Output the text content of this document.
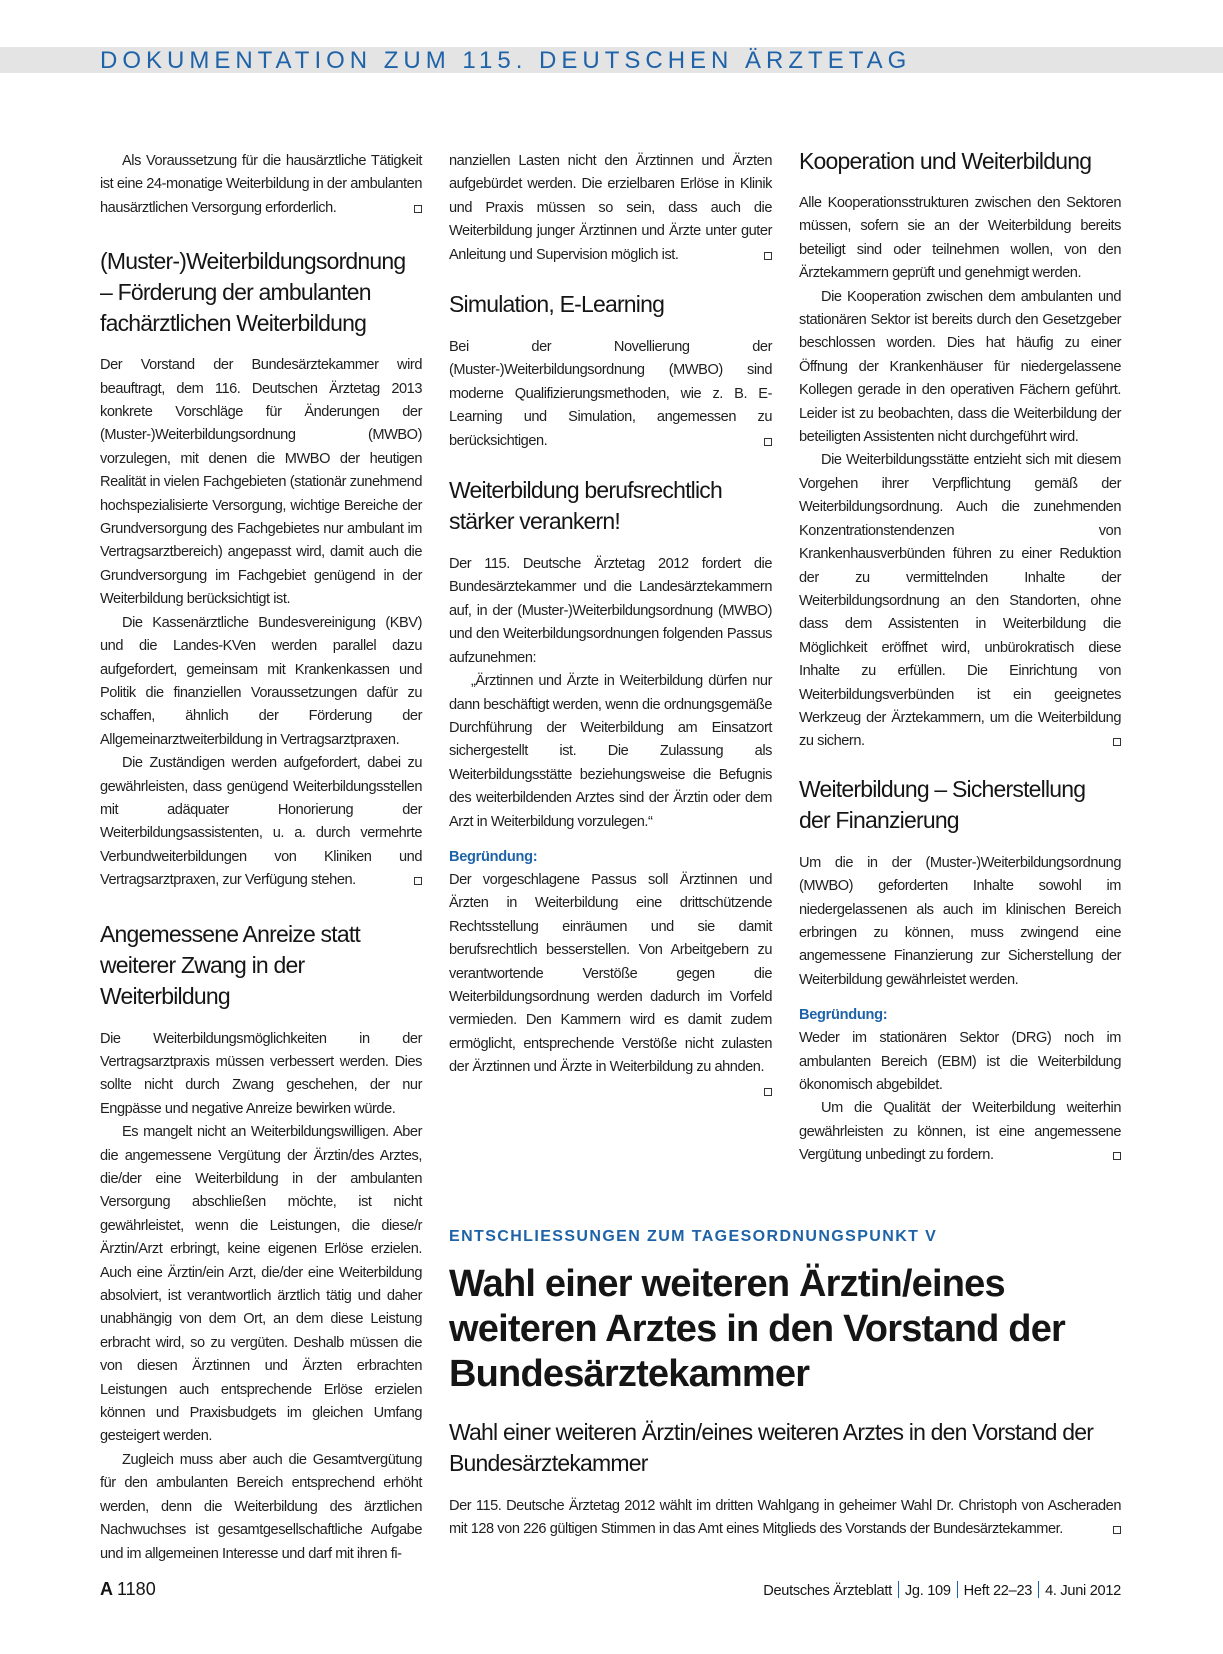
DOKUMENTATION ZUM 115. DEUTSCHEN ÄRZTETAG

Als Voraussetzung für die hausärztliche Tätigkeit ist eine 24-monatige Weiterbildung in der ambulanten hausärztlichen Versorgung erforderlich.

(Muster-)Weiterbildungsordnung – Förderung der ambulanten fachärztlichen Weiterbildung

Der Vorstand der Bundesärztekammer wird beauftragt, dem 116. Deutschen Ärztetag 2013 konkrete Vorschläge für Änderungen der (Muster-)Weiterbildungsordnung (MWBO) vorzulegen, mit denen die MWBO der heutigen Realität in vielen Fachgebieten (stationär zunehmend hochspezialisierte Versorgung, wichtige Bereiche der Grundversorgung des Fachgebietes nur ambulant im Vertragsarztbereich) angepasst wird, damit auch die Grundversorgung im Fachgebiet genügend in der Weiterbildung berücksichtigt ist.

Die Kassenärztliche Bundesvereinigung (KBV) und die Landes-KVen werden parallel dazu aufgefordert, gemeinsam mit Krankenkassen und Politik die finanziellen Voraussetzungen dafür zu schaffen, ähnlich der Förderung der Allgemeinarztweiterbildung in Vertragsarztpraxen.

Die Zuständigen werden aufgefordert, dabei zu gewährleisten, dass genügend Weiterbildungsstellen mit adäquater Honorierung der Weiterbildungsassistenten, u. a. durch vermehrte Verbundweiterbildungen von Kliniken und Vertragsarztpraxen, zur Verfügung stehen.

Angemessene Anreize statt weiterer Zwang in der Weiterbildung

Die Weiterbildungsmöglichkeiten in der Vertragsarztpraxis müssen verbessert werden. Dies sollte nicht durch Zwang geschehen, der nur Engpässe und negative Anreize bewirken würde.

Es mangelt nicht an Weiterbildungswilligen. Aber die angemessene Vergütung der Ärztin/des Arztes, die/der eine Weiterbildung in der ambulanten Versorgung abschließen möchte, ist nicht gewährleistet, wenn die Leistungen, die diese/r Ärztin/Arzt erbringt, keine eigenen Erlöse erzielen. Auch eine Ärztin/ein Arzt, die/der eine Weiterbildung absolviert, ist verantwortlich ärztlich tätig und daher unabhängig von dem Ort, an dem diese Leistung erbracht wird, so zu vergüten. Deshalb müssen die von diesen Ärztinnen und Ärzten erbrachten Leistungen auch entsprechende Erlöse erzielen können und Praxisbudgets im gleichen Umfang gesteigert werden.

Zugleich muss aber auch die Gesamtvergütung für den ambulanten Bereich entsprechend erhöht werden, denn die Weiterbildung des ärztlichen Nachwuchses ist gesamtgesellschaftliche Aufgabe und im allgemeinen Interesse und darf mit ihren fi-

nanziellen Lasten nicht den Ärztinnen und Ärzten aufgebürdet werden. Die erzielbaren Erlöse in Klinik und Praxis müssen so sein, dass auch die Weiterbildung junger Ärztinnen und Ärzte unter guter Anleitung und Supervision möglich ist.

Simulation, E-Learning

Bei der Novellierung der (Muster-)Weiterbildungsordnung (MWBO) sind moderne Qualifizierungsmethoden, wie z. B. E-Learning und Simulation, angemessen zu berücksichtigen.

Weiterbildung berufsrechtlich stärker verankern!

Der 115. Deutsche Ärztetag 2012 fordert die Bundesärztekammer und die Landesärztekammern auf, in der (Muster-)Weiterbildungsordnung (MWBO) und den Weiterbildungsordnungen folgenden Passus aufzunehmen:

„Ärztinnen und Ärzte in Weiterbildung dürfen nur dann beschäftigt werden, wenn die ordnungsgemäße Durchführung der Weiterbildung am Einsatzort sichergestellt ist. Die Zulassung als Weiterbildungsstätte beziehungsweise die Befugnis des weiterbildenden Arztes sind der Ärztin oder dem Arzt in Weiterbildung vorzulegen.“

Begründung:

Der vorgeschlagene Passus soll Ärztinnen und Ärzten in Weiterbildung eine drittschützende Rechtsstellung einräumen und sie damit berufsrechtlich besserstellen. Von Arbeitgebern zu verantwortende Verstöße gegen die Weiterbildungsordnung werden dadurch im Vorfeld vermieden. Den Kammern wird es damit zudem ermöglicht, entsprechende Verstöße nicht zulasten der Ärztinnen und Ärzte in Weiterbildung zu ahnden.

Kooperation und Weiterbildung

Alle Kooperationsstrukturen zwischen den Sektoren müssen, sofern sie an der Weiterbildung bereits beteiligt sind oder teilnehmen wollen, von den Ärztekammern geprüft und genehmigt werden.

Die Kooperation zwischen dem ambulanten und stationären Sektor ist bereits durch den Gesetzgeber beschlossen worden. Dies hat häufig zu einer Öffnung der Krankenhäuser für niedergelassene Kollegen gerade in den operativen Fächern geführt. Leider ist zu beobachten, dass die Weiterbildung der beteiligten Assistenten nicht durchgeführt wird.

Die Weiterbildungsstätte entzieht sich mit diesem Vorgehen ihrer Verpflichtung gemäß der Weiterbildungsordnung. Auch die zunehmenden Konzentrationstendenzen von Krankenhausverbünden führen zu einer Reduktion der zu vermittelnden Inhalte der Weiterbildungsordnung an den Standorten, ohne dass dem Assistenten in Weiterbildung die Möglichkeit eröffnet wird, unbürokratisch diese Inhalte zu erfüllen. Die Einrichtung von Weiterbildungsverbünden ist ein geeignetes Werkzeug der Ärztekammern, um die Weiterbildung zu sichern.

Weiterbildung – Sicherstellung der Finanzierung

Um die in der (Muster-)Weiterbildungsordnung (MWBO) geforderten Inhalte sowohl im niedergelassenen als auch im klinischen Bereich erbringen zu können, muss zwingend eine angemessene Finanzierung zur Sicherstellung der Weiterbildung gewährleistet werden.

Begründung:

Weder im stationären Sektor (DRG) noch im ambulanten Bereich (EBM) ist die Weiterbildung ökonomisch abgebildet.

Um die Qualität der Weiterbildung weiterhin gewährleisten zu können, ist eine angemessene Vergütung unbedingt zu fordern.

ENTSCHLIESSUNGEN ZUM TAGESORDNUNGSPUNKT V
Wahl einer weiteren Ärztin/eines weiteren Arztes in den Vorstand der Bundesärztekammer
Wahl einer weiteren Ärztin/eines weiteren Arztes in den Vorstand der Bundesärztekammer

Der 115. Deutsche Ärztetag 2012 wählt im dritten Wahlgang in geheimer Wahl Dr. Christoph von Ascheraden mit 128 von 226 gültigen Stimmen in das Amt eines Mitglieds des Vorstands der Bundesärztekammer.

A 1180	Deutsches Ärzteblatt Jg. 109 Heft 22–23 4. Juni 2012
